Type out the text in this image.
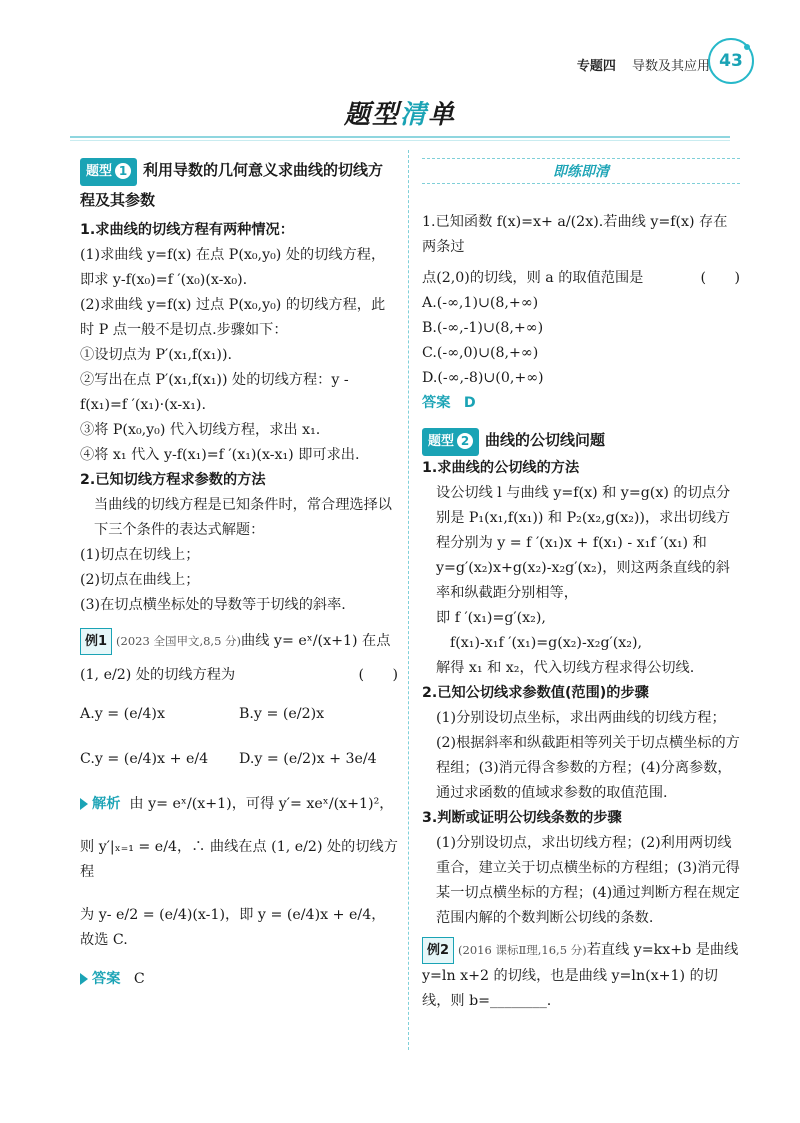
专题四 导数及其应用 43
题型清单

题型 1 利用导数的几何意义求曲线的切线方程及其参数

1.求曲线的切线方程有两种情况：

(1)求曲线 y=f(x) 在点 P(x₀,y₀) 处的切线方程，即求 y-f(x₀)=f ′(x₀)(x-x₀).

(2)求曲线 y=f(x) 过点 P(x₀,y₀) 的切线方程，此时 P 点一般不是切点.步骤如下：

①设切点为 P′(x₁,f(x₁)).

②写出在点 P′(x₁,f(x₁)) 处的切线方程：y - f(x₁)=f ′(x₁)·(x-x₁).

③将 P(x₀,y₀) 代入切线方程，求出 x₁.

④将 x₁ 代入 y-f(x₁)=f ′(x₁)(x-x₁) 即可求出.

2.已知切线方程求参数的方法

当曲线的切线方程是已知条件时，常合理选择以下三个条件的表达式解题：

(1)切点在切线上；

(2)切点在曲线上；

(3)在切点横坐标处的导数等于切线的斜率.

例1 (2023 全国甲文,8,5 分)曲线 y= eˣ/(x+1) 在点

(1, e/2) 处的切线方程为	(　　)

A.y = (e/4)x	B.y = (e/2)x
C.y = (e/4)x + e/4	D.y = (e/2)x + 3e/4

解析 由 y= eˣ/(x+1)，可得 y′= xeˣ/(x+1)²，

则 y′|ₓ₌₁ = e/4，∴ 曲线在点 (1, e/2) 处的切线方程

为 y- e/2 = (e/4)(x-1)，即 y = (e/4)x + e/4，故选 C.

答案 C

即练即清

1.已知函数 f(x)=x+ a/(2x).若曲线 y=f(x) 存在两条过

点(2,0)的切线，则 a 的取值范围是	(　　)

A.(-∞,1)∪(8,+∞)

B.(-∞,-1)∪(8,+∞)

C.(-∞,0)∪(8,+∞)

D.(-∞,-8)∪(0,+∞)

答案 D

题型 2 曲线的公切线问题

1.求曲线的公切线的方法

设公切线 l 与曲线 y=f(x) 和 y=g(x) 的切点分别是 P₁(x₁,f(x₁)) 和 P₂(x₂,g(x₂))，求出切线方程分别为 y = f ′(x₁)x + f(x₁) - x₁f ′(x₁) 和 y=g′(x₂)x+g(x₂)-x₂g′(x₂)，则这两条直线的斜率和纵截距分别相等，

即 f ′(x₁)=g′(x₂),

f(x₁)-x₁f ′(x₁)=g(x₂)-x₂g′(x₂),

解得 x₁ 和 x₂，代入切线方程求得公切线.

2.已知公切线求参数值(范围)的步骤

(1)分别设切点坐标，求出两曲线的切线方程；(2)根据斜率和纵截距相等列关于切点横坐标的方程组；(3)消元得含参数的方程；(4)分离参数，通过求函数的值域求参数的取值范围.

3.判断或证明公切线条数的步骤

(1)分别设切点，求出切线方程；(2)利用两切线重合，建立关于切点横坐标的方程组；(3)消元得某一切点横坐标的方程；(4)通过判断方程在规定范围内解的个数判断公切线的条数.

例2 (2016 课标Ⅱ理,16,5 分)若直线 y=kx+b 是曲线 y=ln x+2 的切线，也是曲线 y=ln(x+1) 的切线，则 b=________.
